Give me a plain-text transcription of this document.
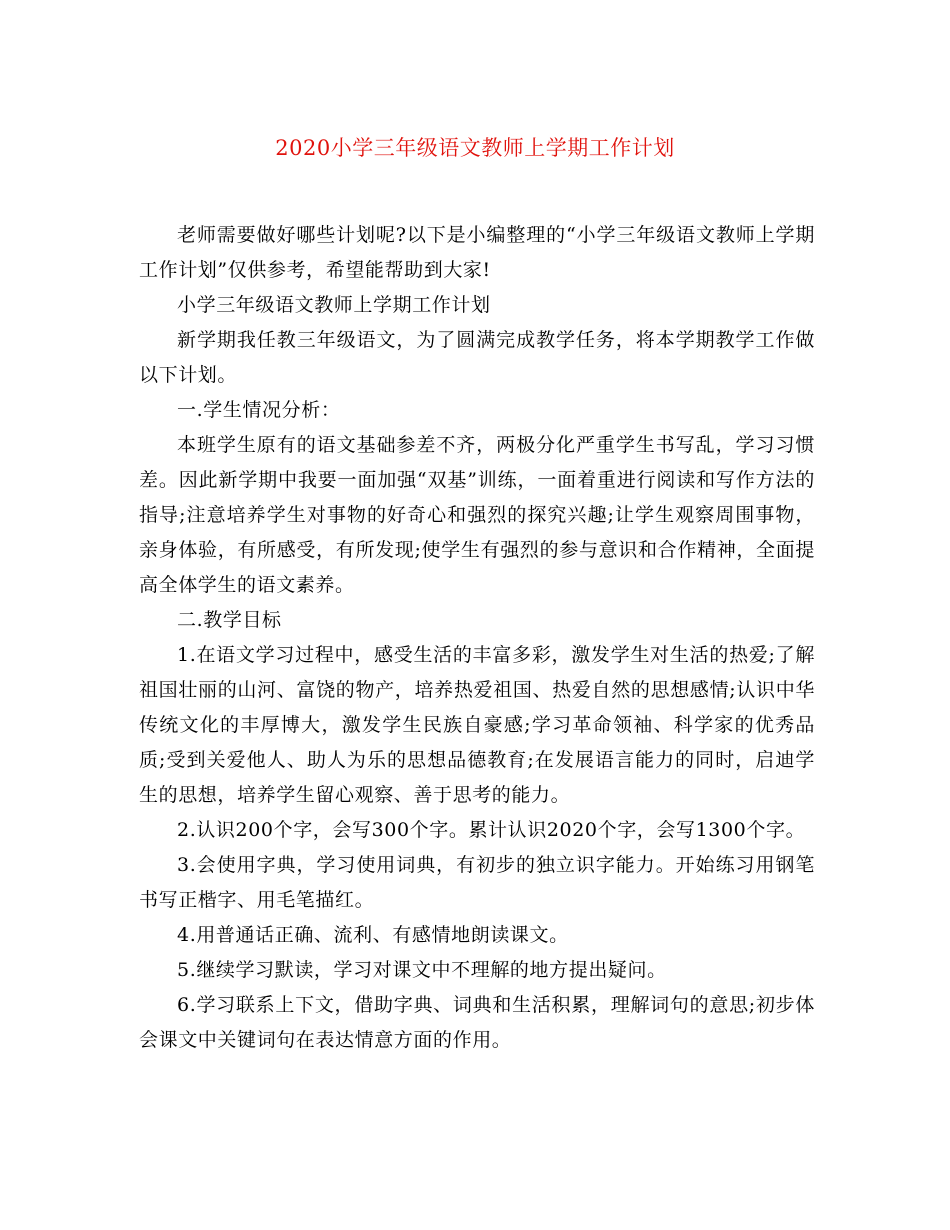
2020小学三年级语文教师上学期工作计划

老师需要做好哪些计划呢?以下是小编整理的“小学三年级语文教师上学期工作计划”仅供参考，希望能帮助到大家!

小学三年级语文教师上学期工作计划

新学期我任教三年级语文，为了圆满完成教学任务，将本学期教学工作做以下计划。

一.学生情况分析：

本班学生原有的语文基础参差不齐，两极分化严重学生书写乱，学习习惯差。因此新学期中我要一面加强“双基”训练，一面着重进行阅读和写作方法的指导;注意培养学生对事物的好奇心和强烈的探究兴趣;让学生观察周围事物，亲身体验，有所感受，有所发现;使学生有强烈的参与意识和合作精神，全面提高全体学生的语文素养。

二.教学目标

1.在语文学习过程中，感受生活的丰富多彩，激发学生对生活的热爱;了解祖国壮丽的山河、富饶的物产，培养热爱祖国、热爱自然的思想感情;认识中华传统文化的丰厚博大，激发学生民族自豪感;学习革命领袖、科学家的优秀品质;受到关爱他人、助人为乐的思想品德教育;在发展语言能力的同时，启迪学生的思想，培养学生留心观察、善于思考的能力。

2.认识200个字，会写300个字。累计认识2020个字，会写1300个字。

3.会使用字典，学习使用词典，有初步的独立识字能力。开始练习用钢笔书写正楷字、用毛笔描红。

4.用普通话正确、流利、有感情地朗读课文。

5.继续学习默读，学习对课文中不理解的地方提出疑问。

6.学习联系上下文，借助字典、词典和生活积累，理解词句的意思;初步体会课文中关键词句在表达情意方面的作用。
